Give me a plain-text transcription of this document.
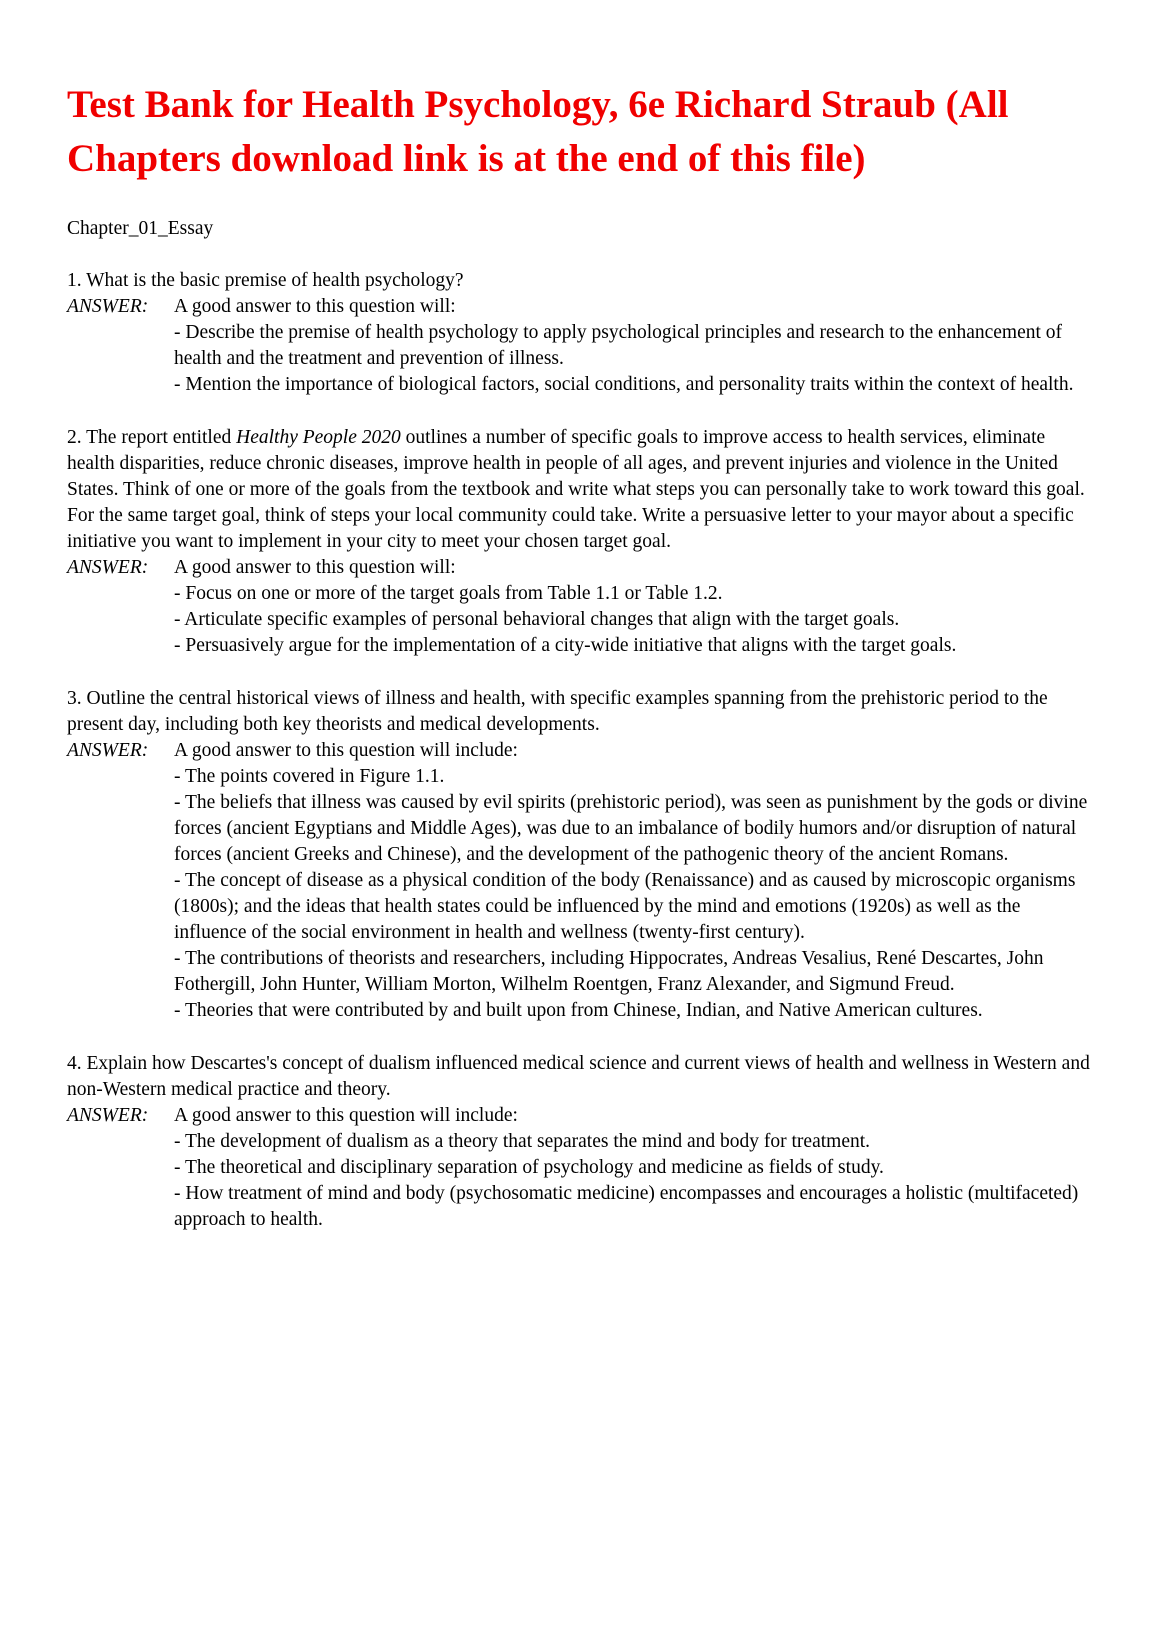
Test Bank for Health Psychology, 6e Richard Straub (All Chapters download link is at the end of this file)

Chapter_01_Essay

1. What is the basic premise of health psychology?

ANSWER:	A good answer to this question will:

- Describe the premise of health psychology to apply psychological principles and research to the enhancement of health and the treatment and prevention of illness.

- Mention the importance of biological factors, social conditions, and personality traits within the context of health.

2. The report entitled Healthy People 2020 outlines a number of specific goals to improve access to health services, eliminate health disparities, reduce chronic diseases, improve health in people of all ages, and prevent injuries and violence in the United States. Think of one or more of the goals from the textbook and write what steps you can personally take to work toward this goal. For the same target goal, think of steps your local community could take. Write a persuasive letter to your mayor about a specific initiative you want to implement in your city to meet your chosen target goal.

ANSWER:	A good answer to this question will:

- Focus on one or more of the target goals from Table 1.1 or Table 1.2.

- Articulate specific examples of personal behavioral changes that align with the target goals.

- Persuasively argue for the implementation of a city-wide initiative that aligns with the target goals.

3. Outline the central historical views of illness and health, with specific examples spanning from the prehistoric period to the present day, including both key theorists and medical developments.

ANSWER:	A good answer to this question will include:

- The points covered in Figure 1.1.

- The beliefs that illness was caused by evil spirits (prehistoric period), was seen as punishment by the gods or divine forces (ancient Egyptians and Middle Ages), was due to an imbalance of bodily humors and/or disruption of natural forces (ancient Greeks and Chinese), and the development of the pathogenic theory of the ancient Romans.

- The concept of disease as a physical condition of the body (Renaissance) and as caused by microscopic organisms (1800s); and the ideas that health states could be influenced by the mind and emotions (1920s) as well as the influence of the social environment in health and wellness (twenty-first century).

- The contributions of theorists and researchers, including Hippocrates, Andreas Vesalius, René Descartes, John Fothergill, John Hunter, William Morton, Wilhelm Roentgen, Franz Alexander, and Sigmund Freud.

- Theories that were contributed by and built upon from Chinese, Indian, and Native American cultures.

4. Explain how Descartes's concept of dualism influenced medical science and current views of health and wellness in Western and non-Western medical practice and theory.

ANSWER:	A good answer to this question will include:

- The development of dualism as a theory that separates the mind and body for treatment.

- The theoretical and disciplinary separation of psychology and medicine as fields of study.

- How treatment of mind and body (psychosomatic medicine) encompasses and encourages a holistic (multifaceted) approach to health.
